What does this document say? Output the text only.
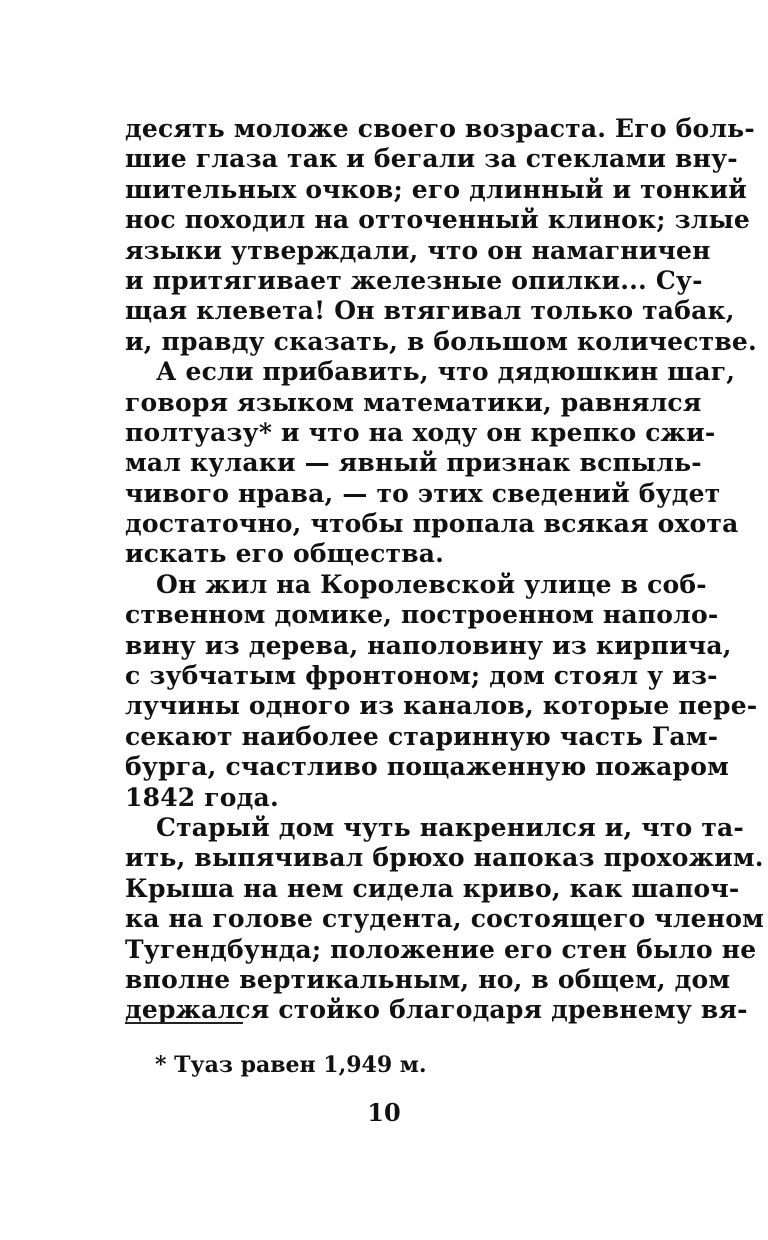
десять моложе своего возраста. Его боль-
шие глаза так и бегали за стеклами вну-
шительных очков; его длинный и тонкий
нос походил на отточенный клинок; злые
языки утверждали, что он намагничен
и притягивает железные опилки... Су-
щая клевета! Он втягивал только табак,
и, правду сказать, в большом количестве.
А если прибавить, что дядюшкин шаг,
говоря языком математики, равнялся
полтуазу* и что на ходу он крепко сжи-
мал кулаки — явный признак вспыль-
чивого нрава, — то этих сведений будет
достаточно, чтобы пропала всякая охота
искать его общества.
Он жил на Королевской улице в соб-
ственном домике, построенном наполо-
вину из дерева, наполовину из кирпича,
с зубчатым фронтоном; дом стоял у из-
лучины одного из каналов, которые пере-
секают наиболее старинную часть Гам-
бурга, счастливо пощаженную пожаром
1842 года.
Старый дом чуть накренился и, что та-
ить, выпячивал брюхо напоказ прохожим.
Крыша на нем сидела криво, как шапоч-
ка на голове студента, состоящего членом
Тугендбунда; положение его стен было не
вполне вертикальным, но, в общем, дом
держался стойко благодаря древнему вя-
* Туаз равен 1,949 м.
10
